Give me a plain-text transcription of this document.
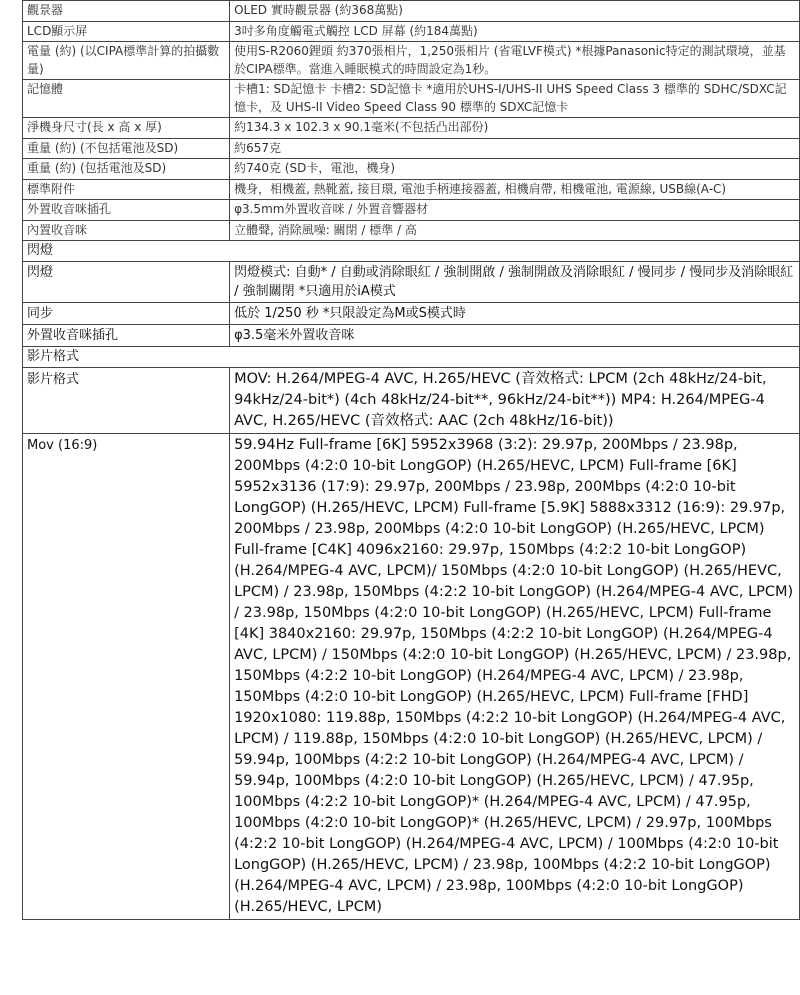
觀景器	OLED 實時觀景器 (約368萬點)
LCD顯示屏	3吋多角度觸電式觸控 LCD 屏幕 (約184萬點)
電量 (約) (以CIPA標準計算的拍攝數量)	使用S-R2060鋰頭 約370張相片，1,250張相片 (省電LVF模式) *根據Panasonic特定的測試環境，並基於CIPA標準。當進入睡眠模式的時間設定為1秒。
記憶體	卡槽1: SD記憶卡 卡槽2: SD記憶卡 *適用於UHS-I/UHS-II UHS Speed Class 3 標準的 SDHC/SDXC記憶卡，及 UHS-II Video Speed Class 90 標準的 SDXC記憶卡
淨機身尺寸(長 x 高 x 厚)	約134.3 x 102.3 x 90.1毫米(不包括凸出部份)
重量 (約) (不包括電池及SD)	約657克
重量 (約) (包括電池及SD)	約740克 (SD卡，電池，機身)
標準附件	機身，相機蓋, 熱靴蓋, 接目環, 電池手柄連接器蓋, 相機肩帶, 相機電池, 電源線, USB線(A-C)
外置收音咪插孔	φ3.5mm外置收音咪 / 外置音響器材
內置收音咪	立體聲, 消除風噪: 關閉 / 標準 / 高
閃燈	
閃燈	閃燈模式: 自動* / 自動或消除眼紅 / 強制開啟 / 強制開啟及消除眼紅 / 慢同步 / 慢同步及消除眼紅 / 強制關閉 *只適用於iA模式
同步	低於 1/250 秒 *只限設定為M或S模式時
外置收音咪插孔	φ3.5毫米外置收音咪
影片格式	
影片格式	MOV: H.264/MPEG-4 AVC, H.265/HEVC (音效格式: LPCM (2ch 48kHz/24-bit, 94kHz/24-bit*) (4ch 48kHz/24-bit**, 96kHz/24-bit**)) MP4: H.264/MPEG-4 AVC, H.265/HEVC (音效格式: AAC (2ch 48kHz/16-bit))
Mov (16:9)	59.94Hz Full-frame [6K] 5952x3968 (3:2): 29.97p, 200Mbps / 23.98p, 200Mbps (4:2:0 10-bit LongGOP) (H.265/HEVC, LPCM) Full-frame [6K] 5952x3136 (17:9): 29.97p, 200Mbps / 23.98p, 200Mbps (4:2:0 10-bit LongGOP) (H.265/HEVC, LPCM) Full-frame [5.9K] 5888x3312 (16:9): 29.97p, 200Mbps / 23.98p, 200Mbps (4:2:0 10-bit LongGOP) (H.265/HEVC, LPCM) Full-frame [C4K] 4096x2160: 29.97p, 150Mbps (4:2:2 10-bit LongGOP) (H.264/MPEG-4 AVC, LPCM)/ 150Mbps (4:2:0 10-bit LongGOP) (H.265/HEVC, LPCM) / 23.98p, 150Mbps (4:2:2 10-bit LongGOP) (H.264/MPEG-4 AVC, LPCM) / 23.98p, 150Mbps (4:2:0 10-bit LongGOP) (H.265/HEVC, LPCM) Full-frame [4K] 3840x2160: 29.97p, 150Mbps (4:2:2 10-bit LongGOP) (H.264/MPEG-4 AVC, LPCM) / 150Mbps (4:2:0 10-bit LongGOP) (H.265/HEVC, LPCM) / 23.98p, 150Mbps (4:2:2 10-bit LongGOP) (H.264/MPEG-4 AVC, LPCM) / 23.98p, 150Mbps (4:2:0 10-bit LongGOP) (H.265/HEVC, LPCM) Full-frame [FHD] 1920x1080: 119.88p, 150Mbps (4:2:2 10-bit LongGOP) (H.264/MPEG-4 AVC, LPCM) / 119.88p, 150Mbps (4:2:0 10-bit LongGOP) (H.265/HEVC, LPCM) / 59.94p, 100Mbps (4:2:2 10-bit LongGOP) (H.264/MPEG-4 AVC, LPCM) / 59.94p, 100Mbps (4:2:0 10-bit LongGOP) (H.265/HEVC, LPCM) / 47.95p, 100Mbps (4:2:2 10-bit LongGOP)* (H.264/MPEG-4 AVC, LPCM) / 47.95p, 100Mbps (4:2:0 10-bit LongGOP)* (H.265/HEVC, LPCM) / 29.97p, 100Mbps (4:2:2 10-bit LongGOP) (H.264/MPEG-4 AVC, LPCM) / 100Mbps (4:2:0 10-bit LongGOP) (H.265/HEVC, LPCM) / 23.98p, 100Mbps (4:2:2 10-bit LongGOP) (H.264/MPEG-4 AVC, LPCM) / 23.98p, 100Mbps (4:2:0 10-bit LongGOP) (H.265/HEVC, LPCM)
